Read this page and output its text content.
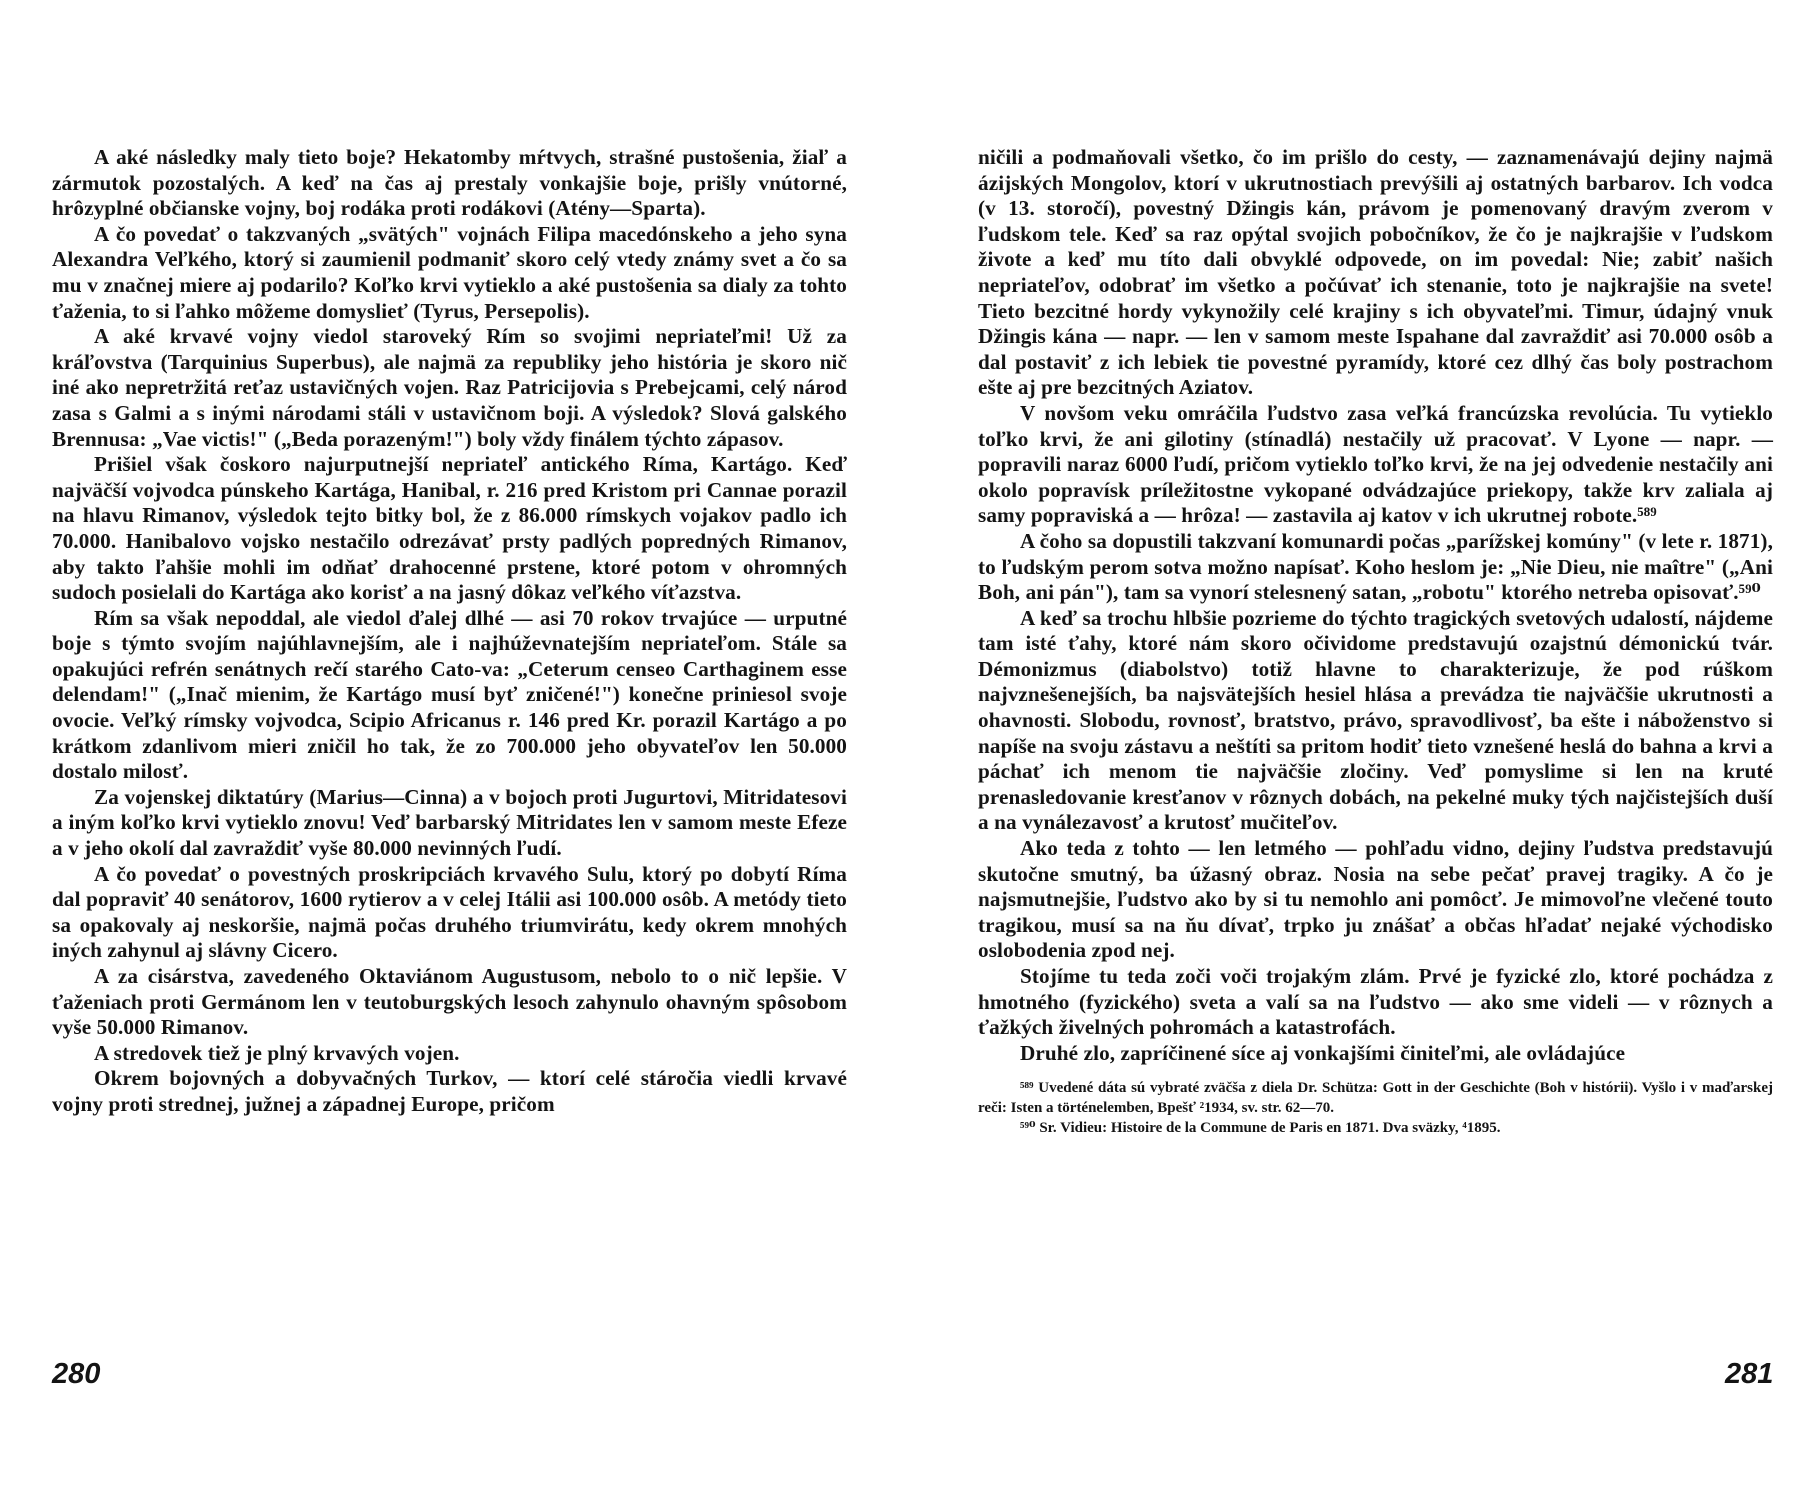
A aké následky maly tieto boje? Hekatomby mŕtvych, strašné pustošenia, žiaľ a zármutok pozostalých. A keď na čas aj prestaly vonkajšie boje, prišly vnútorné, hrôzyplné občianske vojny, boj rodáka proti rodákovi (Atény—Sparta).

A čo povedať o takzvaných „svätých" vojnách Filipa macedónskeho a jeho syna Alexandra Veľkého, ktorý si zaumienil podmaniť skoro celý vtedy známy svet a čo sa mu v značnej miere aj podarilo? Koľko krvi vytieklo a aké pustošenia sa dialy za tohto ťaženia, to si ľahko môžeme domyslieť (Tyrus, Persepolis).

A aké krvavé vojny viedol staroveký Rím so svojimi nepriateľmi! Už za kráľovstva (Tarquinius Superbus), ale najmä za republiky jeho história je skoro nič iné ako nepretržitá reťaz ustavičných vojen. Raz Patricijovia s Prebejcami, celý národ zasa s Galmi a s inými národami stáli v ustavičnom boji. A výsledok? Slová galského Brennusa: „Vae victis!" („Beda porazeným!") boly vždy finálem týchto zápasov.

Prišiel však čoskoro najurputnejší nepriateľ antického Ríma, Kartágo. Keď najväčší vojvodca púnskeho Kartága, Hanibal, r. 216 pred Kristom pri Cannae porazil na hlavu Rimanov, výsledok tejto bitky bol, že z 86.000 rímskych vojakov padlo ich 70.000. Hanibalovo vojsko nestačilo odrezávať prsty padlých popredných Rimanov, aby takto ľahšie mohli im odňať drahocenné prstene, ktoré potom v ohromných sudoch posielali do Kartága ako korisť a na jasný dôkaz veľkého víťazstva.

Rím sa však nepoddal, ale viedol ďalej dlhé — asi 70 rokov trvajúce — urputné boje s týmto svojím najúhlavnejším, ale i najhúževnatejším nepriateľom. Stále sa opakujúci refrén senátnych rečí starého Cato-va: „Ceterum censeo Carthaginem esse delendam!" („Inač mienim, že Kartágo musí byť zničené!") konečne priniesol svoje ovocie. Veľký rímsky vojvodca, Scipio Africanus r. 146 pred Kr. porazil Kartágo a po krátkom zdanlivom mieri zničil ho tak, že zo 700.000 jeho obyvateľov len 50.000 dostalo milosť.

Za vojenskej diktatúry (Marius—Cinna) a v bojoch proti Jugurtovi, Mitridatesovi a iným koľko krvi vytieklo znovu! Veď barbarský Mitridates len v samom meste Efeze a v jeho okolí dal zavraždiť vyše 80.000 nevinných ľudí.

A čo povedať o povestných proskripciách krvavého Sulu, ktorý po dobytí Ríma dal popraviť 40 senátorov, 1600 rytierov a v celej Itálii asi 100.000 osôb. A metódy tieto sa opakovaly aj neskoršie, najmä počas druhého triumvirátu, kedy okrem mnohých iných zahynul aj slávny Cicero.

A za cisárstva, zavedeného Oktaviánom Augustusom, nebolo to o nič lepšie. V ťaženiach proti Germánom len v teutoburgských lesoch zahynulo ohavným spôsobom vyše 50.000 Rimanov.

A stredovek tiež je plný krvavých vojen.

Okrem bojovných a dobyvačných Turkov, — ktorí celé stáročia viedli krvavé vojny proti strednej, južnej a západnej Europe, pričom

280

ničili a podmaňovali všetko, čo im prišlo do cesty, — zaznamenávajú dejiny najmä ázijských Mongolov, ktorí v ukrutnostiach prevýšili aj ostatných barbarov. Ich vodca (v 13. storočí), povestný Džingis kán, právom je pomenovaný dravým zverom v ľudskom tele. Keď sa raz opýtal svojich pobočníkov, že čo je najkrajšie v ľudskom živote a keď mu títo dali obvyklé odpovede, on im povedal: Nie; zabiť našich nepriateľov, odobrať im všetko a počúvať ich stenanie, toto je najkrajšie na svete! Tieto bezcitné hordy vykynožily celé krajiny s ich obyvateľmi. Timur, údajný vnuk Džingis kána — napr. — len v samom meste Ispahane dal zavraždiť asi 70.000 osôb a dal postaviť z ich lebiek tie povestné pyramídy, ktoré cez dlhý čas boly postrachom ešte aj pre bezcitných Aziatov.

V novšom veku omráčila ľudstvo zasa veľká francúzska revolúcia. Tu vytieklo toľko krvi, že ani gilotiny (stínadlá) nestačily už pracovať. V Lyone — napr. — popravili naraz 6000 ľudí, pričom vytieklo toľko krvi, že na jej odvedenie nestačily ani okolo popravísk príležitostne vykopané odvádzajúce priekopy, takže krv zaliala aj samy popraviská a — hrôza! — zastavila aj katov v ich ukrutnej robote.⁵⁸⁹

A čoho sa dopustili takzvaní komunardi počas „parížskej komúny" (v lete r. 1871), to ľudským perom sotva možno napísať. Koho heslom je: „Nie Dieu, nie maître" („Ani Boh, ani pán"), tam sa vynorí stelesnený satan, „robotu" ktorého netreba opisovať.⁵⁹⁰

A keď sa trochu hlbšie pozrieme do týchto tragických svetových udalostí, nájdeme tam isté ťahy, ktoré nám skoro očividome predstavujú ozajstnú démonickú tvár. Démonizmus (diabolstvo) totiž hlavne to charakterizuje, že pod rúškom najvznešenejších, ba najsvätejších hesiel hlása a prevádza tie najväčšie ukrutnosti a ohavnosti. Slobodu, rovnosť, bratstvo, právo, spravodlivosť, ba ešte i náboženstvo si napíše na svoju zástavu a neštíti sa pritom hodiť tieto vznešené heslá do bahna a krvi a páchať ich menom tie najväčšie zločiny. Veď pomyslime si len na kruté prenasledovanie kresťanov v rôznych dobách, na pekelné muky tých najčistejších duší a na vynálezavosť a krutosť mučiteľov.

Ako teda z tohto — len letmého — pohľadu vidno, dejiny ľudstva predstavujú skutočne smutný, ba úžasný obraz. Nosia na sebe pečať pravej tragiky. A čo je najsmutnejšie, ľudstvo ako by si tu nemohlo ani pomôcť. Je mimovoľne vlečené touto tragikou, musí sa na ňu dívať, trpko ju znášať a občas hľadať nejaké východisko oslobodenia zpod nej.

Stojíme tu teda zoči voči trojakým zlám. Prvé je fyzické zlo, ktoré pochádza z hmotného (fyzického) sveta a valí sa na ľudstvo — ako sme videli — v rôznych a ťažkých živelných pohromách a katastrofách.

Druhé zlo, zapríčinené síce aj vonkajšími činiteľmi, ale ovládajúce

⁵⁸⁹ Uvedené dáta sú vybraté zväčša z diela Dr. Schütza: Gott in der Geschichte (Boh v histórii). Vyšlo i v maďarskej reči: Isten a történelemben, Bpešť ²1934, sv. str. 62—70.

⁵⁹⁰ Sr. Vidieu: Histoire de la Commune de Paris en 1871. Dva sväzky, ⁴1895.

281
